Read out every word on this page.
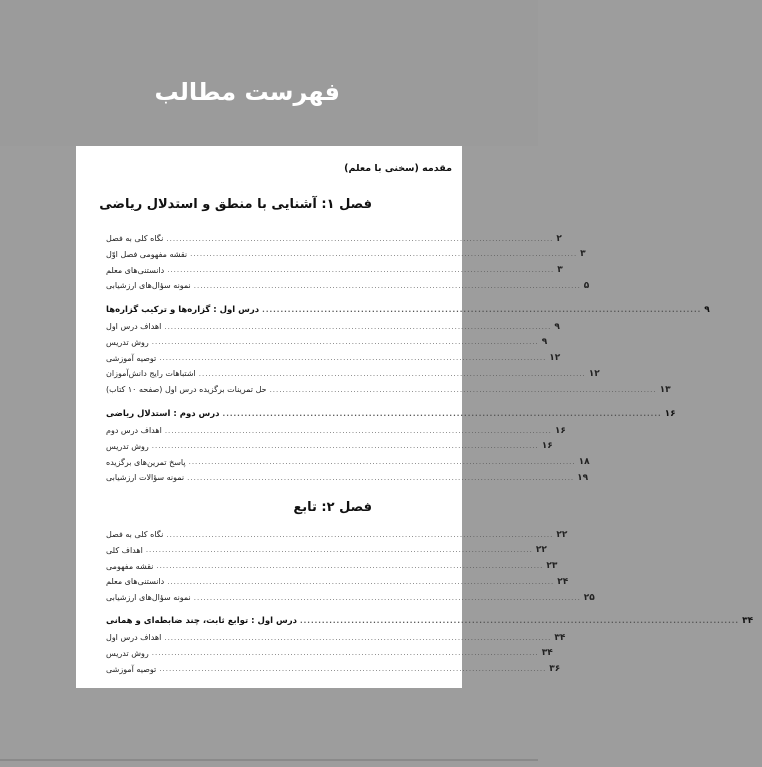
فهرست مطالب
مقدمه (سخنی با معلم)
فصل ۱: آشنایی با منطق و استدلال ریاضی
نگاه کلی به فصل ........................................................................................................................ ۲
نقشه مفهومی فصل اوّل ........................................................................................................................ ۳
دانستنی‌های معلم ........................................................................................................................ ۳
نمونه سؤال‌های ارزشیابی ........................................................................................................................ ۵
درس اول : گزاره‌ها و ترکیب گزاره‌ها ........................................................................................................................ ۹
اهداف درس اول ........................................................................................................................ ۹
روش تدریس ........................................................................................................................ ۹
توصیه آموزشی ........................................................................................................................ ۱۲
اشتباهات رایج دانش‌آموزان ........................................................................................................................ ۱۲
حل تمرینات برگزیده درس اول (صفحه ۱۰ کتاب) ........................................................................................................................ ۱۳
درس دوم : استدلال ریاضی ........................................................................................................................ ۱۶
اهداف درس دوم ........................................................................................................................ ۱۶
روش تدریس ........................................................................................................................ ۱۶
پاسخ تمرین‌های برگزیده ........................................................................................................................ ۱۸
نمونه سؤالات ارزشیابی ........................................................................................................................ ۱۹
فصل ۲: تابع
نگاه کلی به فصل ........................................................................................................................ ۲۲
اهداف کلی ........................................................................................................................ ۲۲
نقشه مفهومی ........................................................................................................................ ۲۳
دانستنی‌های معلم ........................................................................................................................ ۲۴
نمونه سؤال‌های ارزشیابی ........................................................................................................................ ۲۵
درس اول : توابع ثابت، چند ضابطه‌ای و همانی ........................................................................................................................ ۳۴
اهداف درس اول ........................................................................................................................ ۳۴
روش تدریس ........................................................................................................................ ۳۴
توصیه آموزشی ........................................................................................................................ ۳۶
